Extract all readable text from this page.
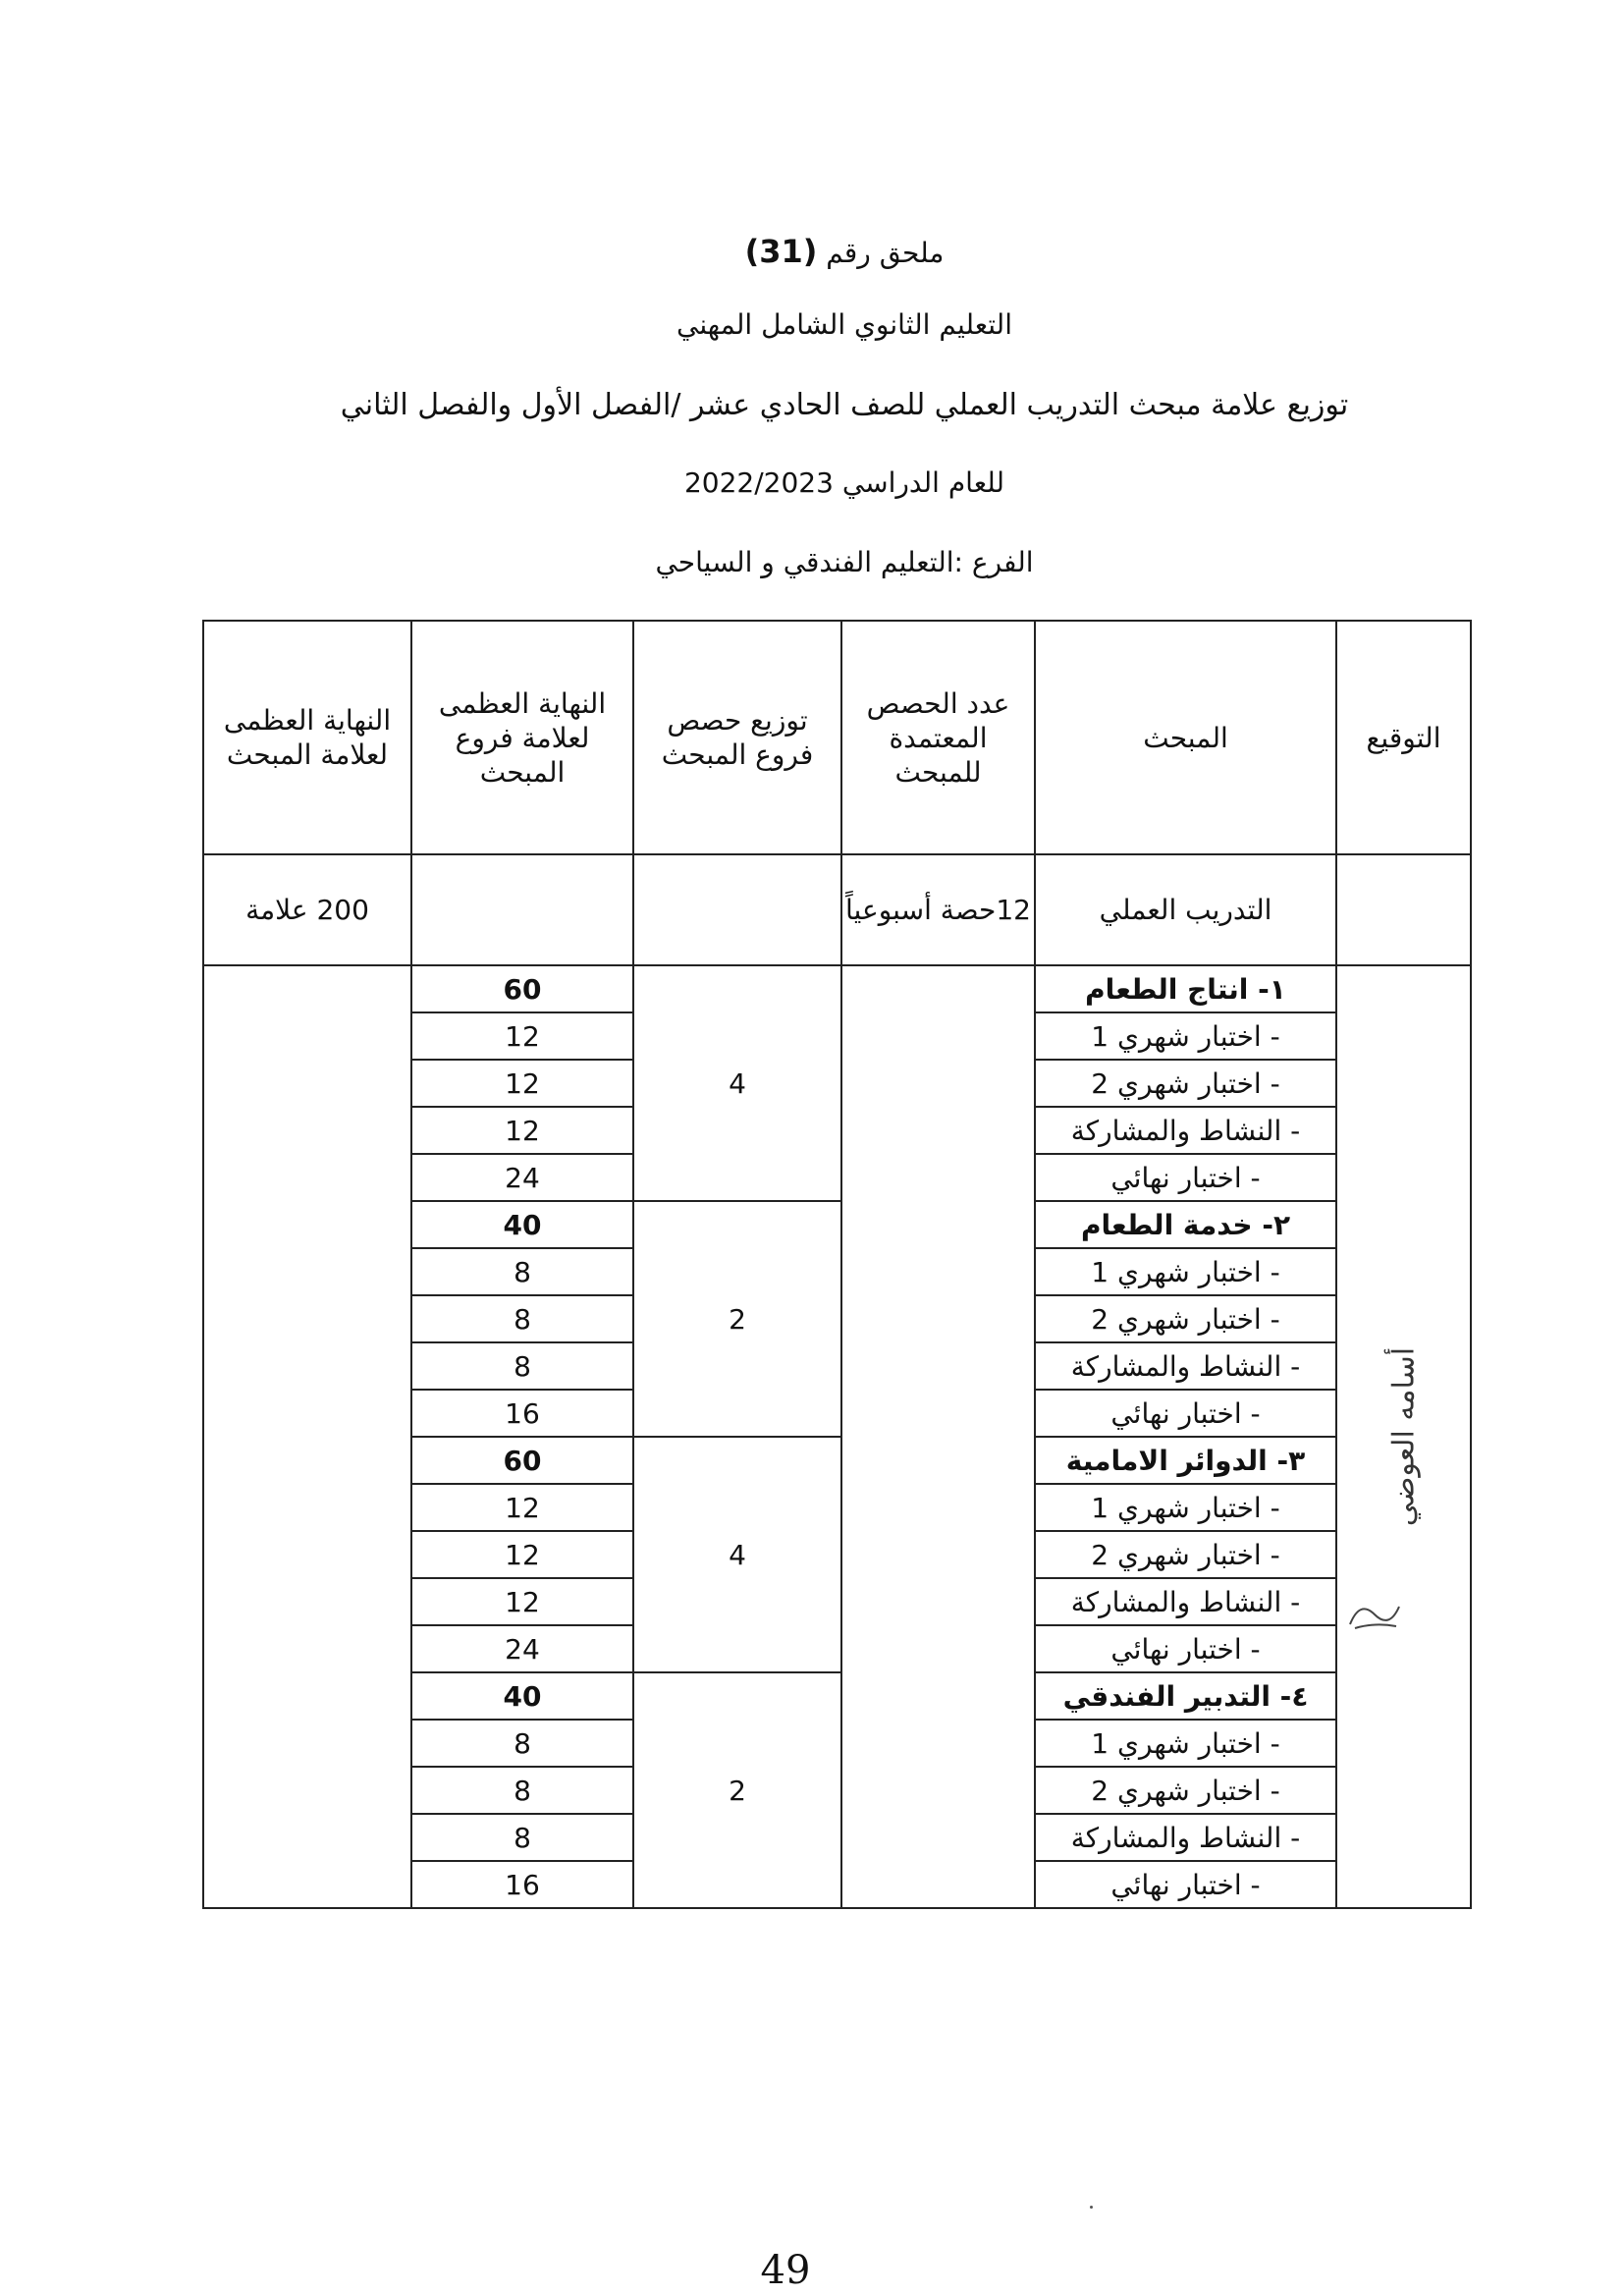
ملحق رقم (31)
التعليم الثانوي الشامل المهني
توزيع علامة مبحث التدريب العملي للصف الحادي عشر /الفصل الأول والفصل الثاني
للعام الدراسي 2022/2023
الفرع :التعليم الفندقي و السياحي
النهاية العظمى لعلامة المبحث	النهاية العظمى لعلامة فروع المبحث	توزيع حصص فروع المبحث	عدد الحصص المعتمدة للمبحث	المبحث	التوقيع
200 علامة			12حصة أسبوعياً	التدريب العملي	
	60	4		١- انتاج الطعام	أسامه العوضي

	12			- اختبار شهري 1	
	12			- اختبار شهري 2	
	12			- النشاط والمشاركة	
	24			- اختبار نهائي	
	40	2		٢- خدمة الطعام	
	8			- اختبار شهري 1	
	8			- اختبار شهري 2	
	8			- النشاط والمشاركة	
	16			- اختبار نهائي	
	60	4		٣- الدوائر الامامية	
	12			- اختبار شهري 1	
	12			- اختبار شهري 2	
	12			- النشاط والمشاركة	
	24			- اختبار نهائي	
	40	2		٤- التدبير الفندقي	
	8			- اختبار شهري 1	
	8			- اختبار شهري 2	
	8			- النشاط والمشاركة	
	16			- اختبار نهائي	
49
